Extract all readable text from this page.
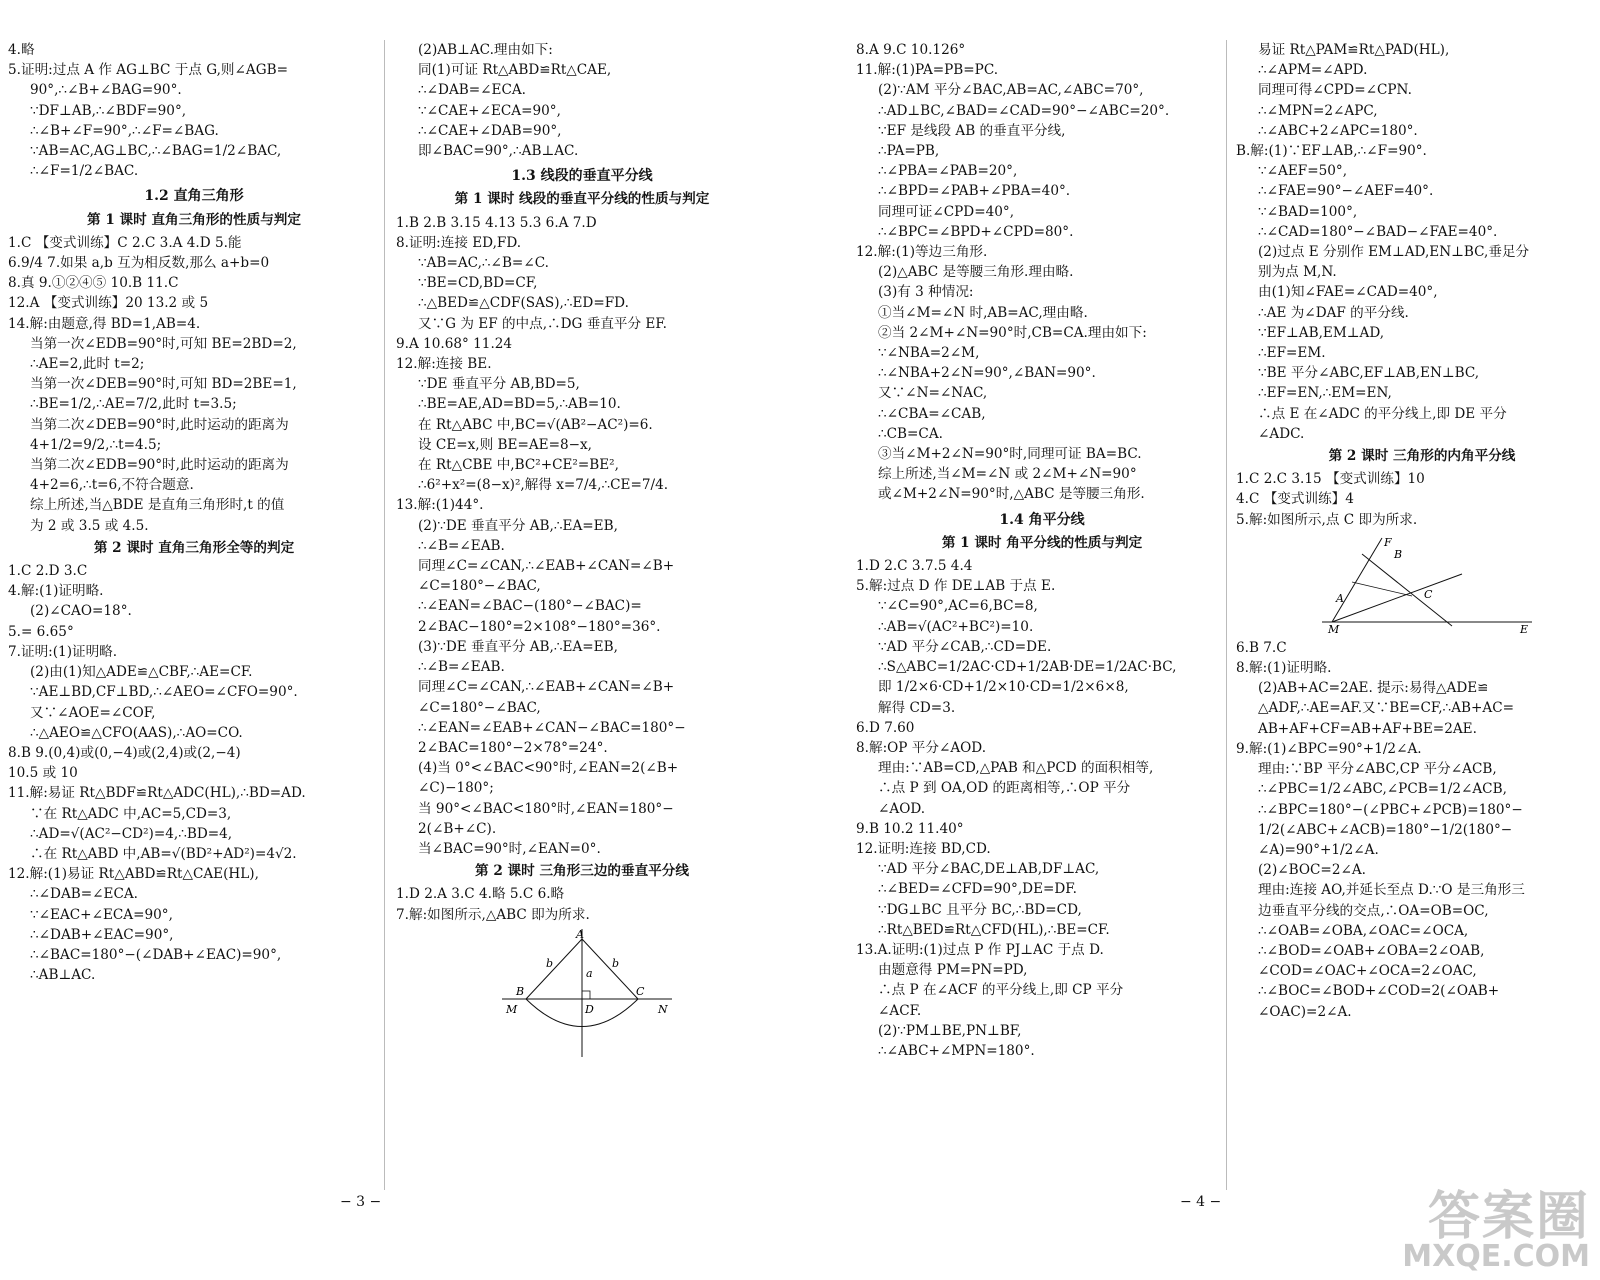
4.略
5.证明:过点 A 作 AG⊥BC 于点 G,则∠AGB=
90°,∴∠B+∠BAG=90°.
∵DF⊥AB,∴∠BDF=90°,
∴∠B+∠F=90°,∴∠F=∠BAG.
∵AB=AC,AG⊥BC,∴∠BAG=1/2∠BAC,
∴∠F=1/2∠BAC.
1.2 直角三角形
第 1 课时 直角三角形的性质与判定
1.C 【变式训练】C 2.C 3.A 4.D 5.能
6.9/4 7.如果 a,b 互为相反数,那么 a+b=0
8.真 9.①②④⑤ 10.B 11.C
12.A 【变式训练】20 13.2 或 5
14.解:由题意,得 BD=1,AB=4.
当第一次∠EDB=90°时,可知 BE=2BD=2,
∴AE=2,此时 t=2;
当第一次∠DEB=90°时,可知 BD=2BE=1,
∴BE=1/2,∴AE=7/2,此时 t=3.5;
当第二次∠DEB=90°时,此时运动的距离为
4+1/2=9/2,∴t=4.5;
当第二次∠EDB=90°时,此时运动的距离为
4+2=6,∴t=6,不符合题意.
综上所述,当△BDE 是直角三角形时,t 的值
为 2 或 3.5 或 4.5.
第 2 课时 直角三角形全等的判定
1.C 2.D 3.C
4.解:(1)证明略.
(2)∠CAO=18°.
5.= 6.65°
7.证明:(1)证明略.
(2)由(1)知△ADE≌△CBF,∴AE=CF.
∵AE⊥BD,CF⊥BD,∴∠AEO=∠CFO=90°.
又∵∠AOE=∠COF,
∴△AEO≌△CFO(AAS),∴AO=CO.
8.B 9.(0,4)或(0,−4)或(2,4)或(2,−4)
10.5 或 10
11.解:易证 Rt△BDF≌Rt△ADC(HL),∴BD=AD.
∵在 Rt△ADC 中,AC=5,CD=3,
∴AD=√(AC²−CD²)=4,∴BD=4,
∴在 Rt△ABD 中,AB=√(BD²+AD²)=4√2.
12.解:(1)易证 Rt△ABD≌Rt△CAE(HL),
∴∠DAB=∠ECA.
∵∠EAC+∠ECA=90°,
∴∠DAB+∠EAC=90°,
∴∠BAC=180°−(∠DAB+∠EAC)=90°,
∴AB⊥AC.
(2)AB⊥AC.理由如下:
同(1)可证 Rt△ABD≌Rt△CAE,
∴∠DAB=∠ECA.
∵∠CAE+∠ECA=90°,
∴∠CAE+∠DAB=90°,
即∠BAC=90°,∴AB⊥AC.
1.3 线段的垂直平分线
第 1 课时 线段的垂直平分线的性质与判定
1.B 2.B 3.15 4.13 5.3 6.A 7.D
8.证明:连接 ED,FD.
∵AB=AC,∴∠B=∠C.
∵BE=CD,BD=CF,
∴△BED≌△CDF(SAS),∴ED=FD.
又∵G 为 EF 的中点,∴DG 垂直平分 EF.
9.A 10.68° 11.24
12.解:连接 BE.
∵DE 垂直平分 AB,BD=5,
∴BE=AE,AD=BD=5,∴AB=10.
在 Rt△ABC 中,BC=√(AB²−AC²)=6.
设 CE=x,则 BE=AE=8−x,
在 Rt△CBE 中,BC²+CE²=BE²,
∴6²+x²=(8−x)²,解得 x=7/4,∴CE=7/4.
13.解:(1)44°.
(2)∵DE 垂直平分 AB,∴EA=EB,
∴∠B=∠EAB.
同理∠C=∠CAN,∴∠EAB+∠CAN=∠B+
∠C=180°−∠BAC,
∴∠EAN=∠BAC−(180°−∠BAC)=
2∠BAC−180°=2×108°−180°=36°.
(3)∵DE 垂直平分 AB,∴EA=EB,
∴∠B=∠EAB.
同理∠C=∠CAN,∴∠EAB+∠CAN=∠B+
∠C=180°−∠BAC,
∴∠EAN=∠EAB+∠CAN−∠BAC=180°−
2∠BAC=180°−2×78°=24°.
(4)当 0°<∠BAC<90°时,∠EAN=2(∠B+
∠C)−180°;
当 90°<∠BAC<180°时,∠EAN=180°−
2(∠B+∠C).
当∠BAC=90°时,∠EAN=0°.
第 2 课时 三角形三边的垂直平分线
1.D 2.A 3.C 4.略 5.C 6.略
7.解:如图所示,△ABC 即为所求.
B	C
A
D
M	N
a
b	b
− 3 −
8.A 9.C 10.126°
11.解:(1)PA=PB=PC.
(2)∵AM 平分∠BAC,AB=AC,∠ABC=70°,
∴AD⊥BC,∠BAD=∠CAD=90°−∠ABC=20°.
∵EF 是线段 AB 的垂直平分线,
∴PA=PB,
∴∠PBA=∠PAB=20°,
∴∠BPD=∠PAB+∠PBA=40°.
同理可证∠CPD=40°,
∴∠BPC=∠BPD+∠CPD=80°.
12.解:(1)等边三角形.
(2)△ABC 是等腰三角形.理由略.
(3)有 3 种情况:
①当∠M=∠N 时,AB=AC,理由略.
②当 2∠M+∠N=90°时,CB=CA.理由如下:
∵∠NBA=2∠M,
∴∠NBA+2∠N=90°,∠BAN=90°.
又∵∠N=∠NAC,
∴∠CBA=∠CAB,
∴CB=CA.
③当∠M+2∠N=90°时,同理可证 BA=BC.
综上所述,当∠M=∠N 或 2∠M+∠N=90°
或∠M+2∠N=90°时,△ABC 是等腰三角形.
1.4 角平分线
第 1 课时 角平分线的性质与判定
1.D 2.C 3.7.5 4.4
5.解:过点 D 作 DE⊥AB 于点 E.
∵∠C=90°,AC=6,BC=8,
∴AB=√(AC²+BC²)=10.
∵AD 平分∠CAB,∴CD=DE.
∴S△ABC=1/2AC·CD+1/2AB·DE=1/2AC·BC,
即 1/2×6·CD+1/2×10·CD=1/2×6×8,
解得 CD=3.
6.D 7.60
8.解:OP 平分∠AOD.
理由:∵AB=CD,△PAB 和△PCD 的面积相等,
∴点 P 到 OA,OD 的距离相等,∴OP 平分
∠AOD.
9.B 10.2 11.40°
12.证明:连接 BD,CD.
∵AD 平分∠BAC,DE⊥AB,DF⊥AC,
∴∠BED=∠CFD=90°,DE=DF.
∵DG⊥BC 且平分 BC,∴BD=CD,
∴Rt△BED≌Rt△CFD(HL),∴BE=CF.
13.A.证明:(1)过点 P 作 PJ⊥AC 于点 D.
由题意得 PM=PN=PD,
∴点 P 在∠ACF 的平分线上,即 CP 平分
∠ACF.
(2)∵PM⊥BE,PN⊥BF,
∴∠ABC+∠MPN=180°.
易证 Rt△PAM≌Rt△PAD(HL),
∴∠APM=∠APD.
同理可得∠CPD=∠CPN.
∴∠MPN=2∠APC,
∴∠ABC+2∠APC=180°.
B.解:(1)∵EF⊥AB,∴∠F=90°.
∵∠AEF=50°,
∴∠FAE=90°−∠AEF=40°.
∵∠BAD=100°,
∴∠CAD=180°−∠BAD−∠FAE=40°.
(2)过点 E 分别作 EM⊥AD,EN⊥BC,垂足分
别为点 M,N.
由(1)知∠FAE=∠CAD=40°,
∴AE 为∠DAF 的平分线.
∵EF⊥AB,EM⊥AD,
∴EF=EM.
∵BE 平分∠ABC,EF⊥AB,EN⊥BC,
∴EF=EN,∴EM=EN,
∴点 E 在∠ADC 的平分线上,即 DE 平分
∠ADC.
第 2 课时 三角形的内角平分线
1.C 2.C 3.15 【变式训练】10
4.C 【变式训练】4
5.解:如图所示,点 C 即为所求.
F
B
A	C
M	E
6.B 7.C
8.解:(1)证明略.
(2)AB+AC=2AE. 提示:易得△ADE≌
△ADF,∴AE=AF.又∵BE=CF,∴AB+AC=
AB+AF+CF=AB+AF+BE=2AE.
9.解:(1)∠BPC=90°+1/2∠A.
理由:∵BP 平分∠ABC,CP 平分∠ACB,
∴∠PBC=1/2∠ABC,∠PCB=1/2∠ACB,
∴∠BPC=180°−(∠PBC+∠PCB)=180°−
1/2(∠ABC+∠ACB)=180°−1/2(180°−
∠A)=90°+1/2∠A.
(2)∠BOC=2∠A.
理由:连接 AO,并延长至点 D.∵O 是三角形三
边垂直平分线的交点,∴OA=OB=OC,
∴∠OAB=∠OBA,∠OAC=∠OCA,
∴∠BOD=∠OAB+∠OBA=2∠OAB,
∠COD=∠OAC+∠OCA=2∠OAC,
∴∠BOC=∠BOD+∠COD=2(∠OAB+
∠OAC)=2∠A.
− 4 −	答案圈
MXQE.COM
